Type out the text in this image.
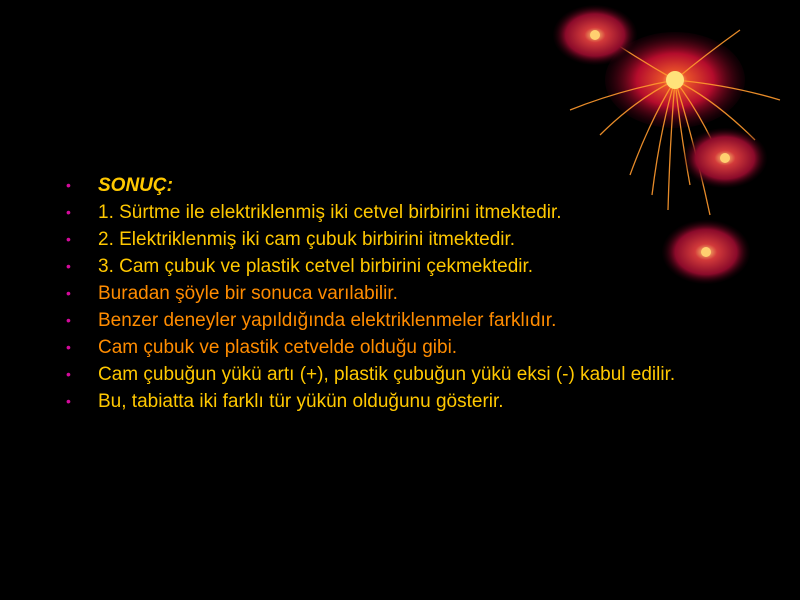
• SONUÇ:
• 1. Sürtme ile elektriklenmiş iki cetvel birbirini itmektedir.
• 2. Elektriklenmiş iki cam çubuk birbirini itmektedir.
• 3. Cam çubuk ve plastik cetvel birbirini çekmektedir.
• Buradan şöyle bir sonuca varılabilir.
• Benzer deneyler yapıldığında elektriklenmeler farklıdır.
• Cam çubuk ve plastik cetvelde olduğu gibi.
• Cam çubuğun yükü artı (+), plastik çubuğun yükü eksi (-) kabul edilir.
• Bu, tabiatta iki farklı tür yükün olduğunu gösterir.
